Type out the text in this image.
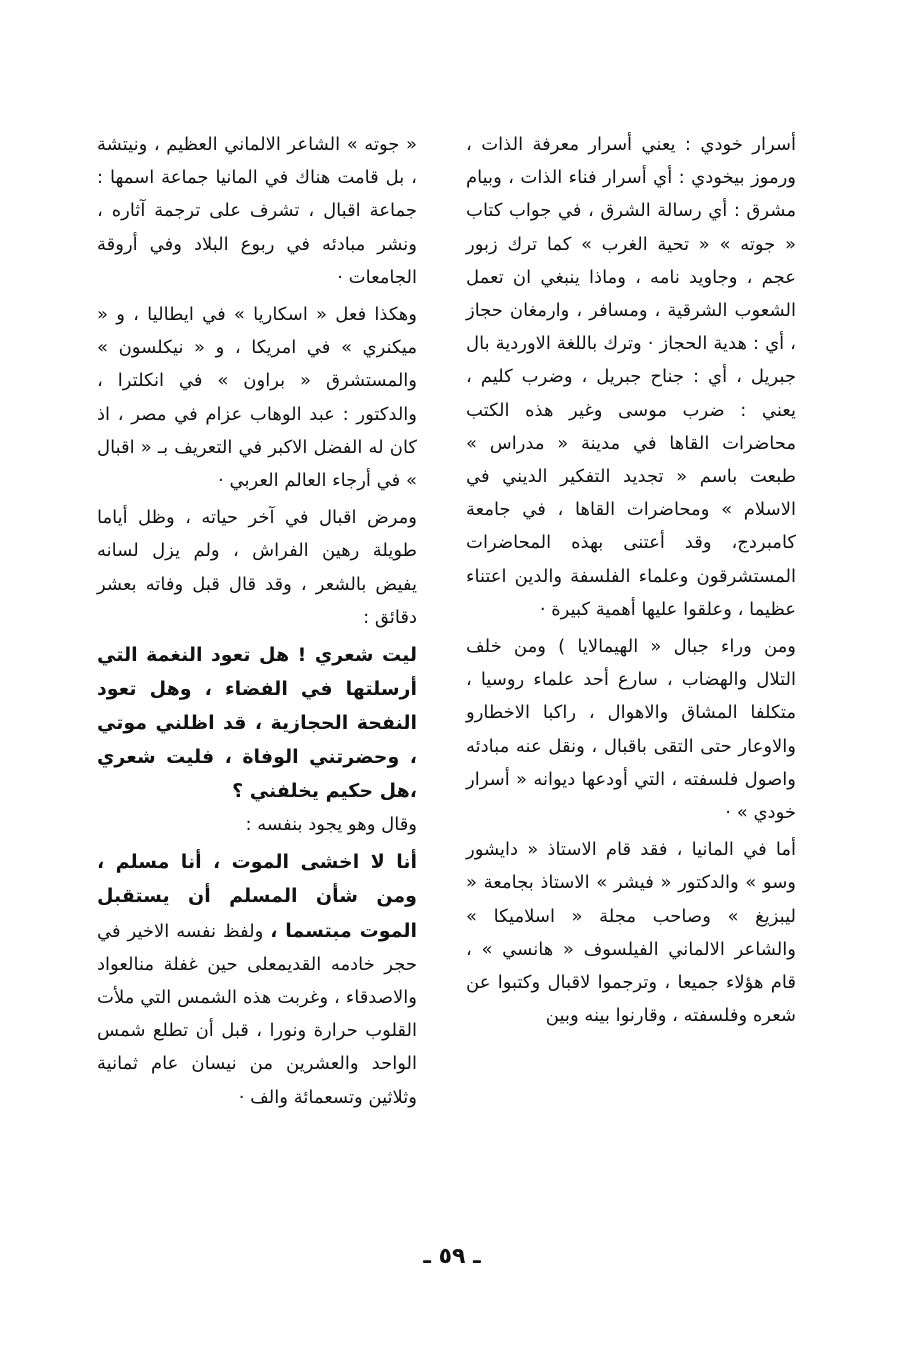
أسرار خودي : يعني أسرار معرفة الذات ، ورموز بيخودي : أي أسرار فناء الذات ، وبيام مشرق : أي رسالة الشرق ، في جواب كتاب « جوته » « تحية الغرب » كما ترك زبور عجم ، وجاويد نامه ، وماذا ينبغي ان تعمل الشعوب الشرقية ، ومسافر ، وارمغان حجاز ، أي : هدية الحجاز · وترك باللغة الاوردية بال جبريل ، أي : جناح جبريل ، وضرب كليم ، يعني : ضرب موسى وغير هذه الكتب محاضرات القاها في مدينة « مدراس » طبعت باسم « تجديد التفكير الديني في الاسلام » ومحاضرات القاها ، في جامعة كامبردج، وقد أعتنى بهذه المحاضرات المستشرقون وعلماء الفلسفة والدين اعتناء عظيما ، وعلقوا عليها أهمية كبيرة ·

ومن وراء جبال « الهيمالايا ) ومن خلف التلال والهضاب ، سارع أحد علماء روسيا ، متكلفا المشاق والاهوال ، راكبا الاخطارو والاوعار حتى التقى باقبال ، ونقل عنه مبادئه واصول فلسفته ، التي أودعها ديوانه « أسرار خودي » ·

أما في المانيا ، فقد قام الاستاذ « دايشور وسو » والدكتور « فيشر » الاستاذ بجامعة « ليبزيغ » وصاحب مجلة « اسلاميكا » والشاعر الالماني الفيلسوف « هانسي » ، قام هؤلاء جميعا ، وترجموا لاقبال وكتبوا عن شعره وفلسفته ، وقارنوا بينه وبين

« جوته » الشاعر الالماني العظيم ، ونيتشة ، بل قامت هناك في المانيا جماعة اسمها : جماعة اقبال ، تشرف على ترجمة آثاره ، ونشر مبادئه في ربوع البلاد وفي أروقة الجامعات ·

وهكذا فعل « اسكاريا » في ايطاليا ، و « ميكنري » في امريكا ، و « نيكلسون » والمستشرق « براون » في انكلترا ، والدكتور : عبد الوهاب عزام في مصر ، اذ كان له الفضل الاكبر في التعريف بـ « اقبال » في أرجاء العالم العربي ·

ومرض اقبال في آخر حياته ، وظل أياما طويلة رهين الفراش ، ولم يزل لسانه يفيض بالشعر ، وقد قال قبل وفاته بعشر دقائق :

ليت شعري ! هل تعود النغمة التي أرسلتها في الفضاء ، وهل تعود النفحة الحجازية ، قد اظلني موتي ، وحضرتني الوفاة ، فليت شعري ،هل حكيم يخلفني ؟

وقال وهو يجود بنفسه :

أنا لا اخشى الموت ، أنا مسلم ، ومن شأن المسلم أن يستقبل الموت مبتسما ، ولفظ نفسه الاخير في حجر خادمه القديمعلى حين غفلة منالعواد والاصدقاء ، وغربت هذه الشمس التي ملأت القلوب حرارة ونورا ، قبل أن تطلع شمس الواحد والعشرين من نيسان عام ثمانية وثلاثين وتسعمائة والف ·

ـ ٥٩ ـ
